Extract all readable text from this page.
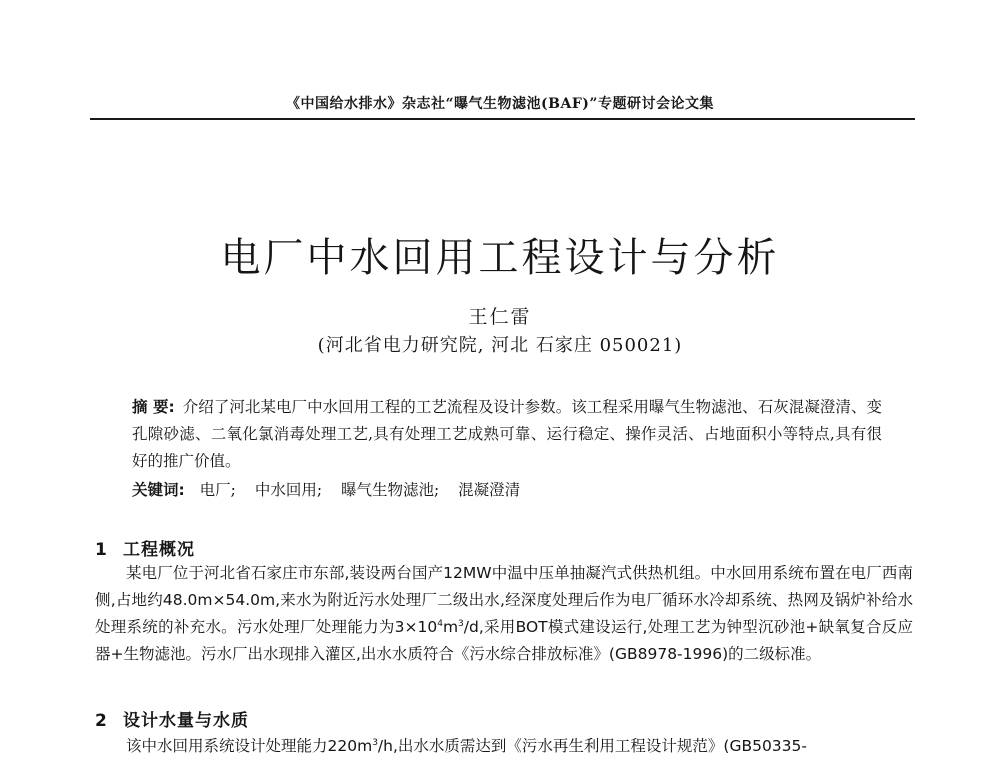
《中国给水排水》杂志社“曝气生物滤池(BAF)”专题研讨会论文集
电厂中水回用工程设计与分析
王仁雷
(河北省电力研究院, 河北 石家庄 050021)
摘 要: 介绍了河北某电厂中水回用工程的工艺流程及设计参数。该工程采用曝气生物滤池、石灰混凝澄清、变孔隙砂滤、二氧化氯消毒处理工艺,具有处理工艺成熟可靠、运行稳定、操作灵活、占地面积小等特点,具有很好的推广价值。
关键词: 电厂; 中水回用; 曝气生物滤池; 混凝澄清
1 工程概况
某电厂位于河北省石家庄市东部,装设两台国产12MW中温中压单抽凝汽式供热机组。中水回用系统布置在电厂西南侧,占地约48.0m×54.0m,来水为附近污水处理厂二级出水,经深度处理后作为电厂循环水冷却系统、热网及锅炉补给水处理系统的补充水。污水处理厂处理能力为$3\times 10^4m^3/d$,采用BOT模式建设运行,处理工艺为钟型沉砂池+缺氧复合反应器+生物滤池。污水厂出水现排入灌区,出水水质符合《污水综合排放标准》(GB8978-1996)的二级标准。
2 设计水量与水质
该中水回用系统设计处理能力$220m^3/h$,出水水质需达到《污水再生利用工程设计规范》(GB50335-
